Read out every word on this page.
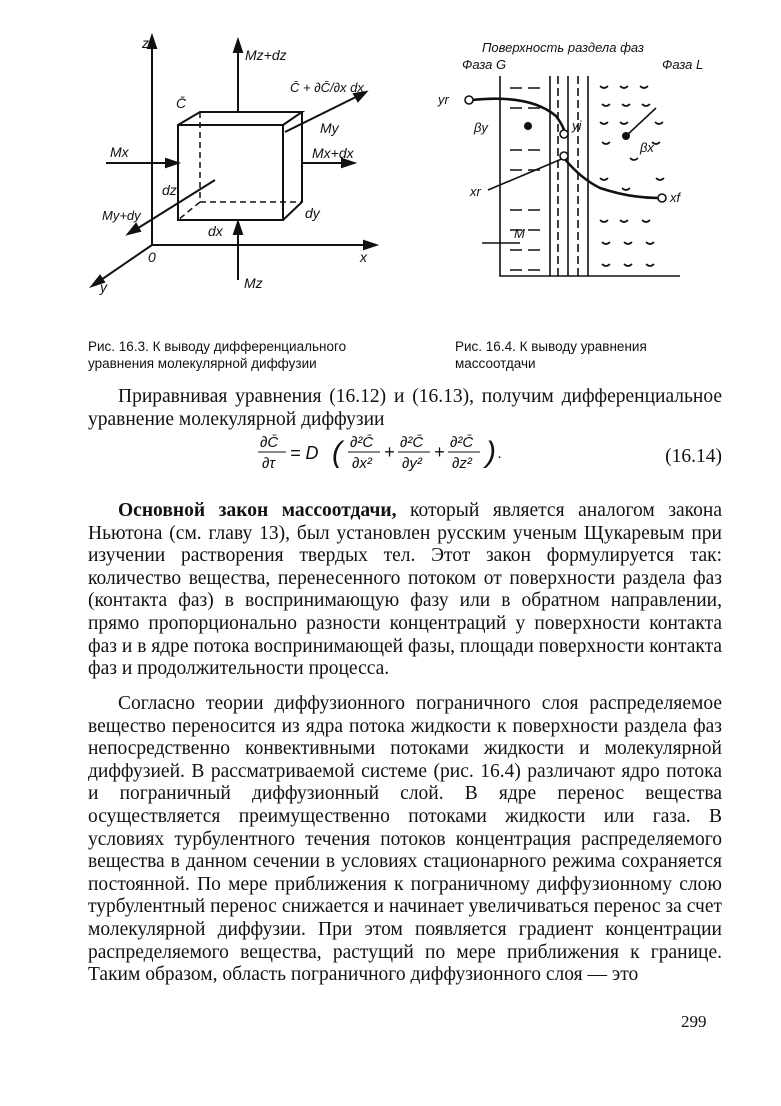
z
Mz+dz
C̄ + ∂C̄/∂x dx
C̄
My
Mx	Mx+dx
dz
My+dy
dx
dy
0	x
Mz
y
Поверхность раздела фаз
Фаза G	Фаза L
yr
βy	yi
βx
xr	xf
M
Рис. 16.3. К выводу дифференциального уравнения молекулярной диффузии
Рис. 16.4. К выводу уравнения массоотдачи
Приравнивая уравнения (16.12) и (16.13), получим дифференциальное уравнение молекулярной диффузии
∂C̄
∂τ
= D ( ∂²C̄
∂x²
+ ∂²C̄
∂y²
+ ∂²C̄
∂z² ) .	(16.14)
Основной закон массоотдачи, который является аналогом закона Ньютона (см. главу 13), был установлен русским ученым Щукаревым при изучении растворения твердых тел. Этот закон формулируется так: количество вещества, перенесенного потоком от поверхности раздела фаз (контакта фаз) в воспринимающую фазу или в обратном направлении, прямо пропорционально разности концентраций у поверхности контакта фаз и в ядре потока воспринимающей фазы, площади поверхности контакта фаз и продолжительности процесса.
Согласно теории диффузионного пограничного слоя распределяемое вещество переносится из ядра потока жидкости к поверхности раздела фаз непосредственно конвективными потоками жидкости и молекулярной диффузией. В рассматриваемой системе (рис. 16.4) различают ядро потока и пограничный диффузионный слой. В ядре перенос вещества осуществляется преимущественно потоками жидкости или газа. В условиях турбулентного течения потоков концентрация распределяемого вещества в данном сечении в условиях стационарного режима сохраняется постоянной. По мере приближения к пограничному диффузионному слою турбулентный перенос снижается и начинает увеличиваться перенос за счет молекулярной диффузии. При этом появляется градиент концентрации распределяемого вещества, растущий по мере приближения к границе. Таким образом, область пограничного диффузионного слоя — это
299
